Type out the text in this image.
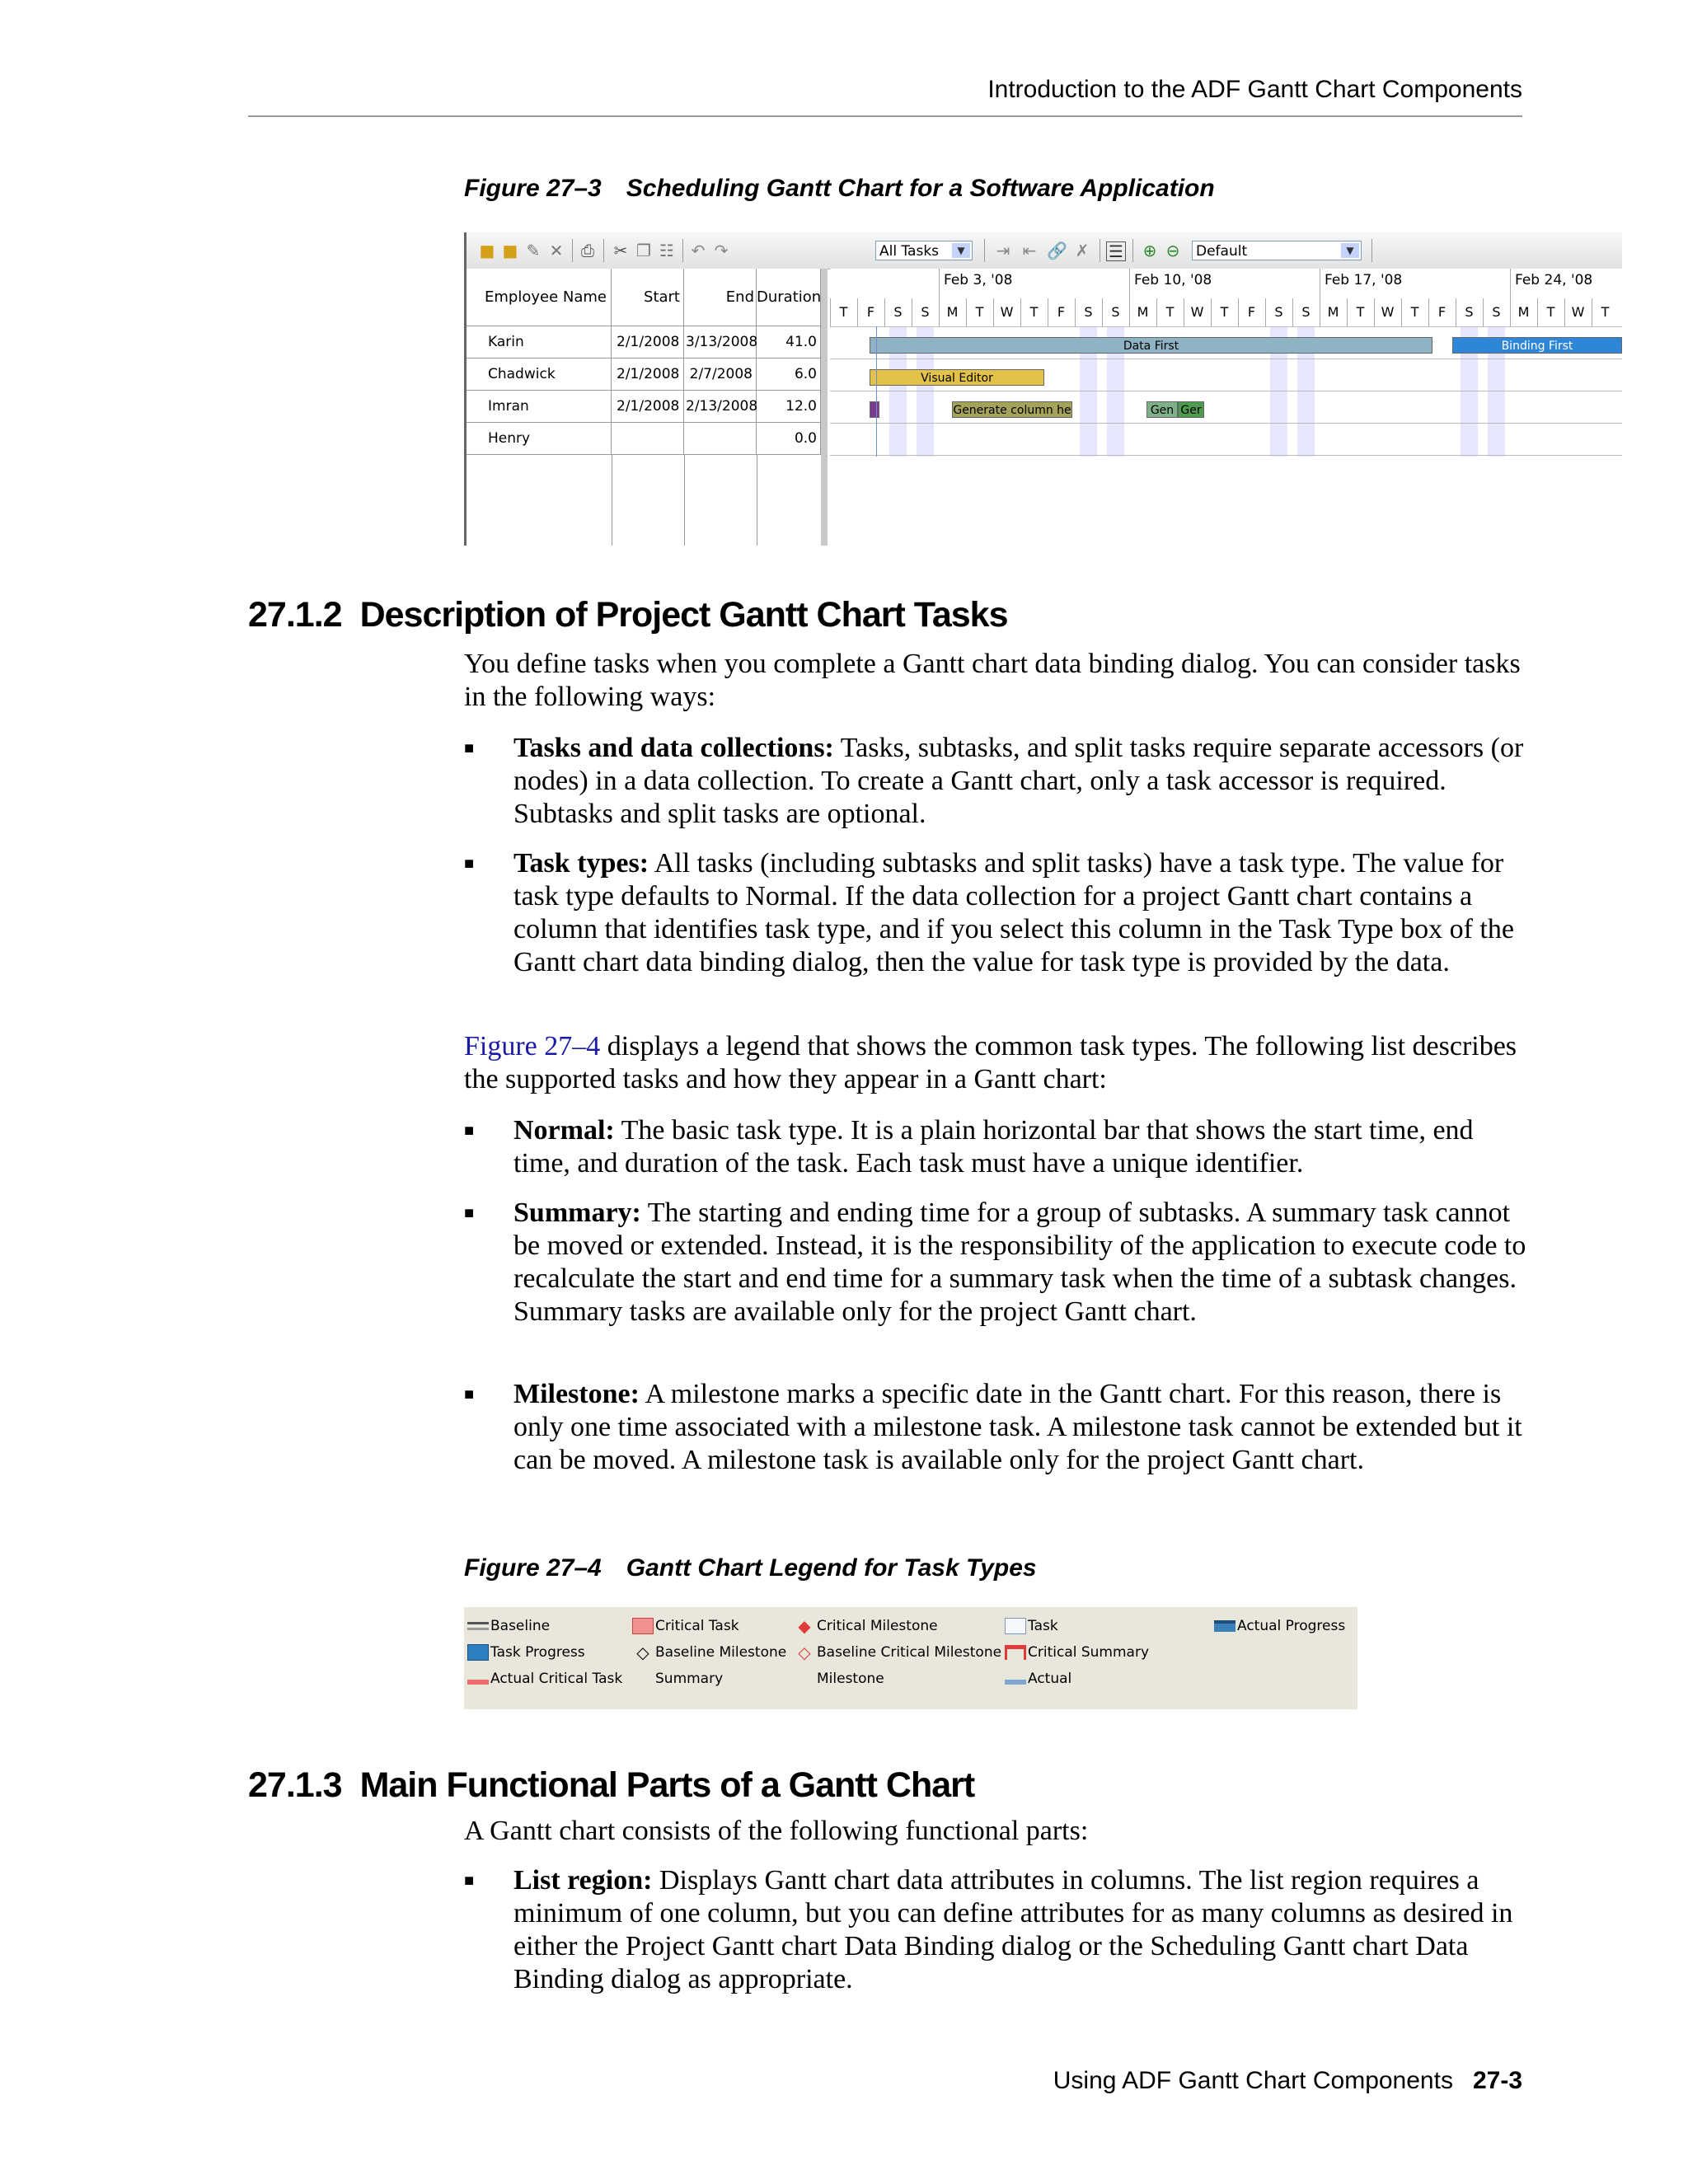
Introduction to the ADF Gantt Chart Components
Figure 27–3 Scheduling Gantt Chart for a Software Application
■ ■ ✎ ✕ ⎙ ✂ ❐ ☷ ↶ ↷	All Tasks	▼	⇥ ⇤ 🔗 ✗ ☰ ⊕ ⊖ Default	▼
Employee Name	Start	End Duration
Karin	2/1/2008 3/13/2008	41.0
Chadwick	2/1/2008 2/7/2008	6.0
Imran	2/1/2008 2/13/2008	12.0
Henry	0.0
Feb 3, '08	Feb 10, '08	Feb 17, '08	Feb 24, '08
T	F	S	S	M	T	W	T	F	S	S	M	T	W	T	F	S	S	M	T	W	T	F	S	S	M	T	W	T
Data First	Binding First
Visual Editor
Generate column he	Gen Ger
27.1.2 Description of Project Gantt Chart Tasks

You define tasks when you complete a Gantt chart data binding dialog. You can consider tasks in the following ways:

■ Tasks and data collections: Tasks, subtasks, and split tasks require separate accessors (or nodes) in a data collection. To create a Gantt chart, only a task accessor is required. Subtasks and split tasks are optional.
■ Task types: All tasks (including subtasks and split tasks) have a task type. The value for task type defaults to Normal. If the data collection for a project Gantt chart contains a column that identifies task type, and if you select this column in the Task Type box of the Gantt chart data binding dialog, then the value for task type is provided by the data.

Figure 27–4 displays a legend that shows the common task types. The following list describes the supported tasks and how they appear in a Gantt chart:

■ Normal: The basic task type. It is a plain horizontal bar that shows the start time, end time, and duration of the task. Each task must have a unique identifier.
■ Summary: The starting and ending time for a group of subtasks. A summary task cannot be moved or extended. Instead, it is the responsibility of the application to execute code to recalculate the start and end time for a summary task when the time of a subtask changes. Summary tasks are available only for the project Gantt chart.
■ Milestone: A milestone marks a specific date in the Gantt chart. For this reason, there is only one time associated with a milestone task. A milestone task cannot be extended but it can be moved. A milestone task is available only for the project Gantt chart.
Figure 27–4 Gantt Chart Legend for Task Types
Baseline
Task Progress
Actual Critical Task
Critical Task
◇ Baseline Milestone
Summary
◆ Critical Milestone
◇ Baseline Critical Milestone
Milestone
Task
Critical Summary
Actual
Actual Progress
27.1.3 Main Functional Parts of a Gantt Chart

A Gantt chart consists of the following functional parts:

■ List region: Displays Gantt chart data attributes in columns. The list region requires a minimum of one column, but you can define attributes for as many columns as desired in either the Project Gantt chart Data Binding dialog or the Scheduling Gantt chart Data Binding dialog as appropriate.
Using ADF Gantt Chart Components 27-3
